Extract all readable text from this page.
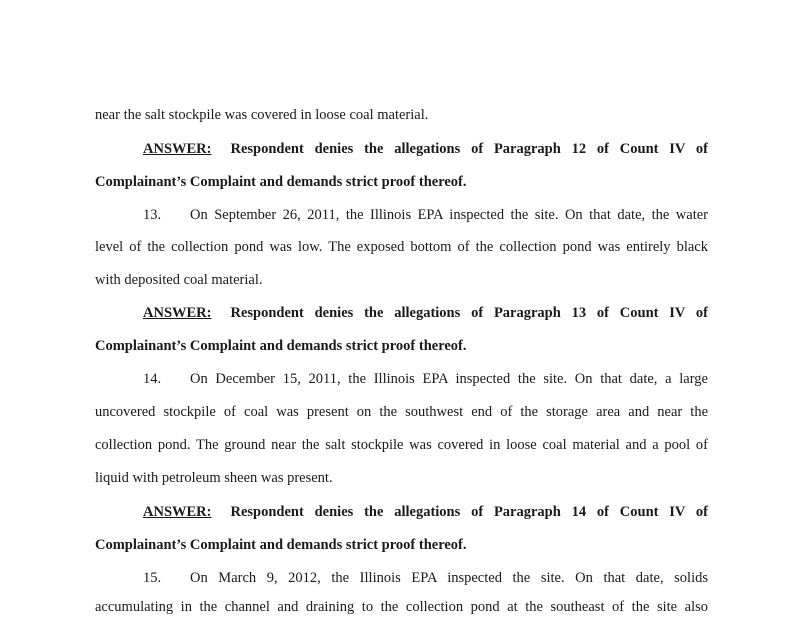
near the salt stockpile was covered in loose coal material.
ANSWER: Respondent denies the allegations of Paragraph 12 of Count IV of
Complainant’s Complaint and demands strict proof thereof.
13. On September 26, 2011, the Illinois EPA inspected the site. On that date, the water
level of the collection pond was low. The exposed bottom of the collection pond was entirely black
with deposited coal material.
ANSWER: Respondent denies the allegations of Paragraph 13 of Count IV of
Complainant’s Complaint and demands strict proof thereof.
14. On December 15, 2011, the Illinois EPA inspected the site. On that date, a large
uncovered stockpile of coal was present on the southwest end of the storage area and near the
collection pond. The ground near the salt stockpile was covered in loose coal material and a pool of
liquid with petroleum sheen was present.
ANSWER: Respondent denies the allegations of Paragraph 14 of Count IV of
Complainant’s Complaint and demands strict proof thereof.
15. On March 9, 2012, the Illinois EPA inspected the site. On that date, solids
accumulating in the channel and draining to the collection pond at the southeast of the site also
